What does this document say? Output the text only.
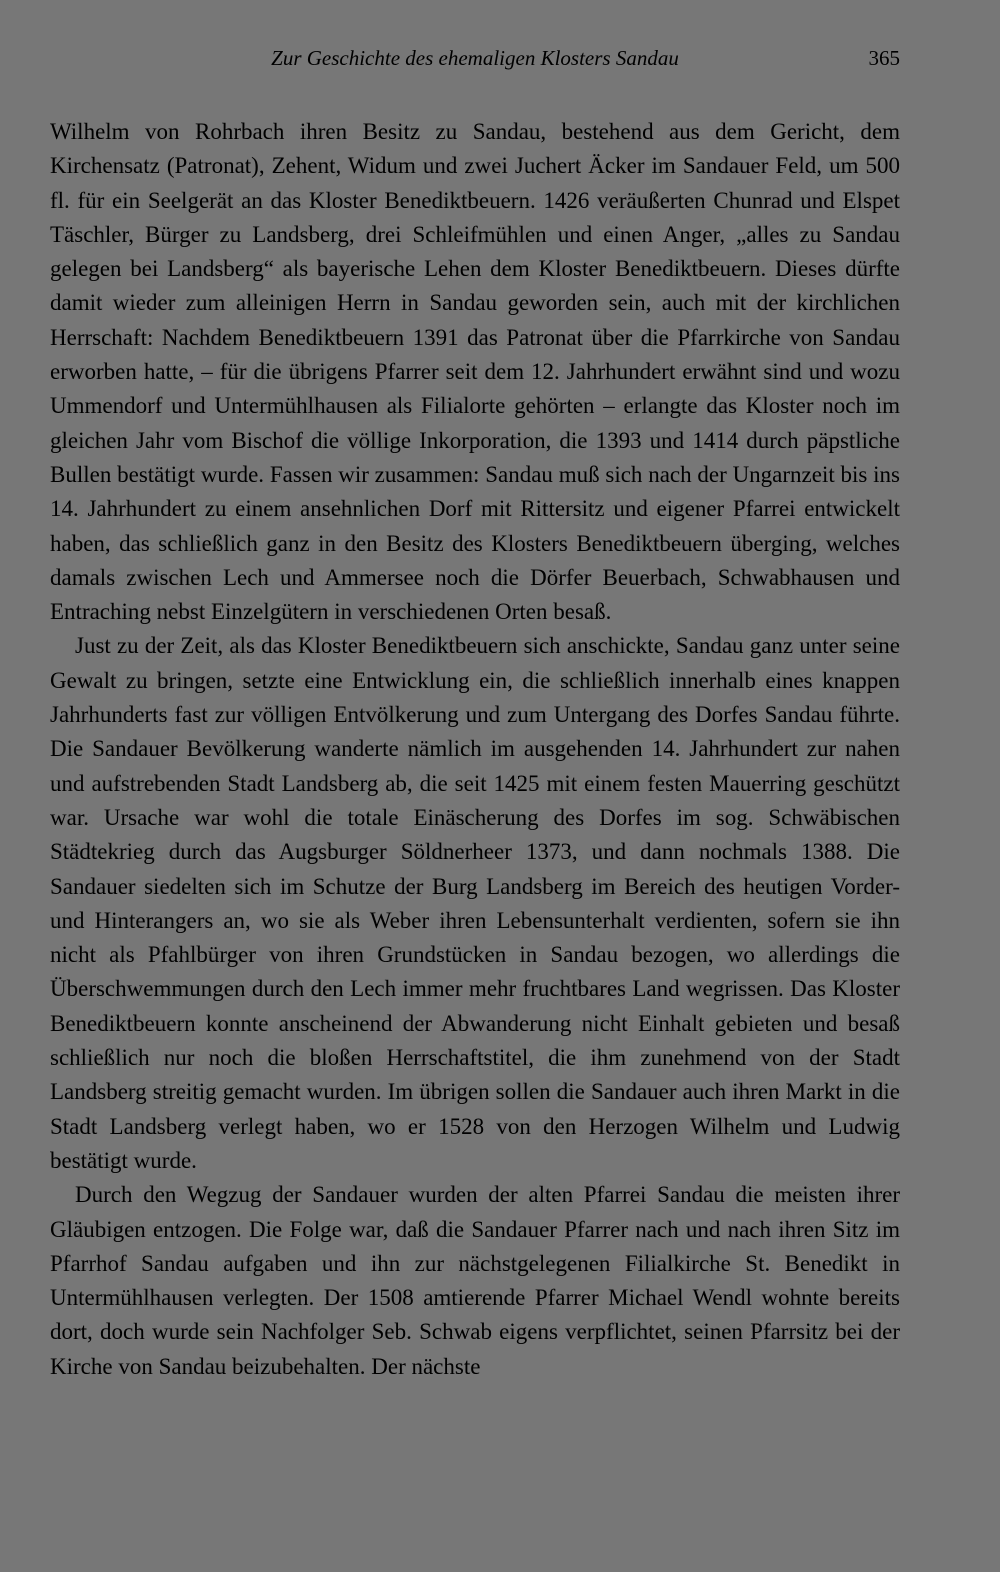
Zur Geschichte des ehemaligen Klosters Sandau	365

Wilhelm von Rohrbach ihren Besitz zu Sandau, bestehend aus dem Gericht, dem Kirchensatz (Patronat), Zehent, Widum und zwei Juchert Äcker im Sandauer Feld, um 500 fl. für ein Seelgerät an das Kloster Benediktbeuern. 1426 veräußerten Chunrad und Elspet Täschler, Bürger zu Landsberg, drei Schleifmühlen und einen Anger, „alles zu Sandau gelegen bei Landsberg“ als bayerische Lehen dem Kloster Benediktbeuern. Dieses dürfte damit wieder zum alleinigen Herrn in Sandau geworden sein, auch mit der kirchlichen Herrschaft: Nachdem Benediktbeuern 1391 das Patronat über die Pfarrkirche von Sandau erworben hatte, – für die übrigens Pfarrer seit dem 12. Jahrhundert erwähnt sind und wozu Ummendorf und Untermühlhausen als Filialorte gehörten – erlangte das Kloster noch im gleichen Jahr vom Bischof die völlige Inkorporation, die 1393 und 1414 durch päpstliche Bullen bestätigt wurde. Fassen wir zusammen: Sandau muß sich nach der Ungarnzeit bis ins 14. Jahrhundert zu einem ansehnlichen Dorf mit Rittersitz und eigener Pfarrei entwickelt haben, das schließlich ganz in den Besitz des Klosters Benediktbeuern überging, welches damals zwischen Lech und Ammersee noch die Dörfer Beuerbach, Schwabhausen und Entraching nebst Einzelgütern in verschiedenen Orten besaß.

Just zu der Zeit, als das Kloster Benediktbeuern sich anschickte, Sandau ganz unter seine Gewalt zu bringen, setzte eine Entwicklung ein, die schließlich innerhalb eines knappen Jahrhunderts fast zur völligen Entvölkerung und zum Untergang des Dorfes Sandau führte. Die Sandauer Bevölkerung wanderte nämlich im ausgehenden 14. Jahrhundert zur nahen und aufstrebenden Stadt Landsberg ab, die seit 1425 mit einem festen Mauerring geschützt war. Ursache war wohl die totale Einäscherung des Dorfes im sog. Schwäbischen Städtekrieg durch das Augsburger Söldnerheer 1373, und dann nochmals 1388. Die Sandauer siedelten sich im Schutze der Burg Landsberg im Bereich des heutigen Vorder- und Hinterangers an, wo sie als Weber ihren Lebensunterhalt verdienten, sofern sie ihn nicht als Pfahlbürger von ihren Grundstücken in Sandau bezogen, wo allerdings die Überschwemmungen durch den Lech immer mehr fruchtbares Land wegrissen. Das Kloster Benediktbeuern konnte anscheinend der Abwanderung nicht Einhalt gebieten und besaß schließlich nur noch die bloßen Herrschaftstitel, die ihm zunehmend von der Stadt Landsberg streitig gemacht wurden. Im übrigen sollen die Sandauer auch ihren Markt in die Stadt Landsberg verlegt haben, wo er 1528 von den Herzogen Wilhelm und Ludwig bestätigt wurde.

Durch den Wegzug der Sandauer wurden der alten Pfarrei Sandau die meisten ihrer Gläubigen entzogen. Die Folge war, daß die Sandauer Pfarrer nach und nach ihren Sitz im Pfarrhof Sandau aufgaben und ihn zur nächstgelegenen Filialkirche St. Benedikt in Untermühlhausen verlegten. Der 1508 amtierende Pfarrer Michael Wendl wohnte bereits dort, doch wurde sein Nachfolger Seb. Schwab eigens verpflichtet, seinen Pfarrsitz bei der Kirche von Sandau beizubehalten. Der nächste
